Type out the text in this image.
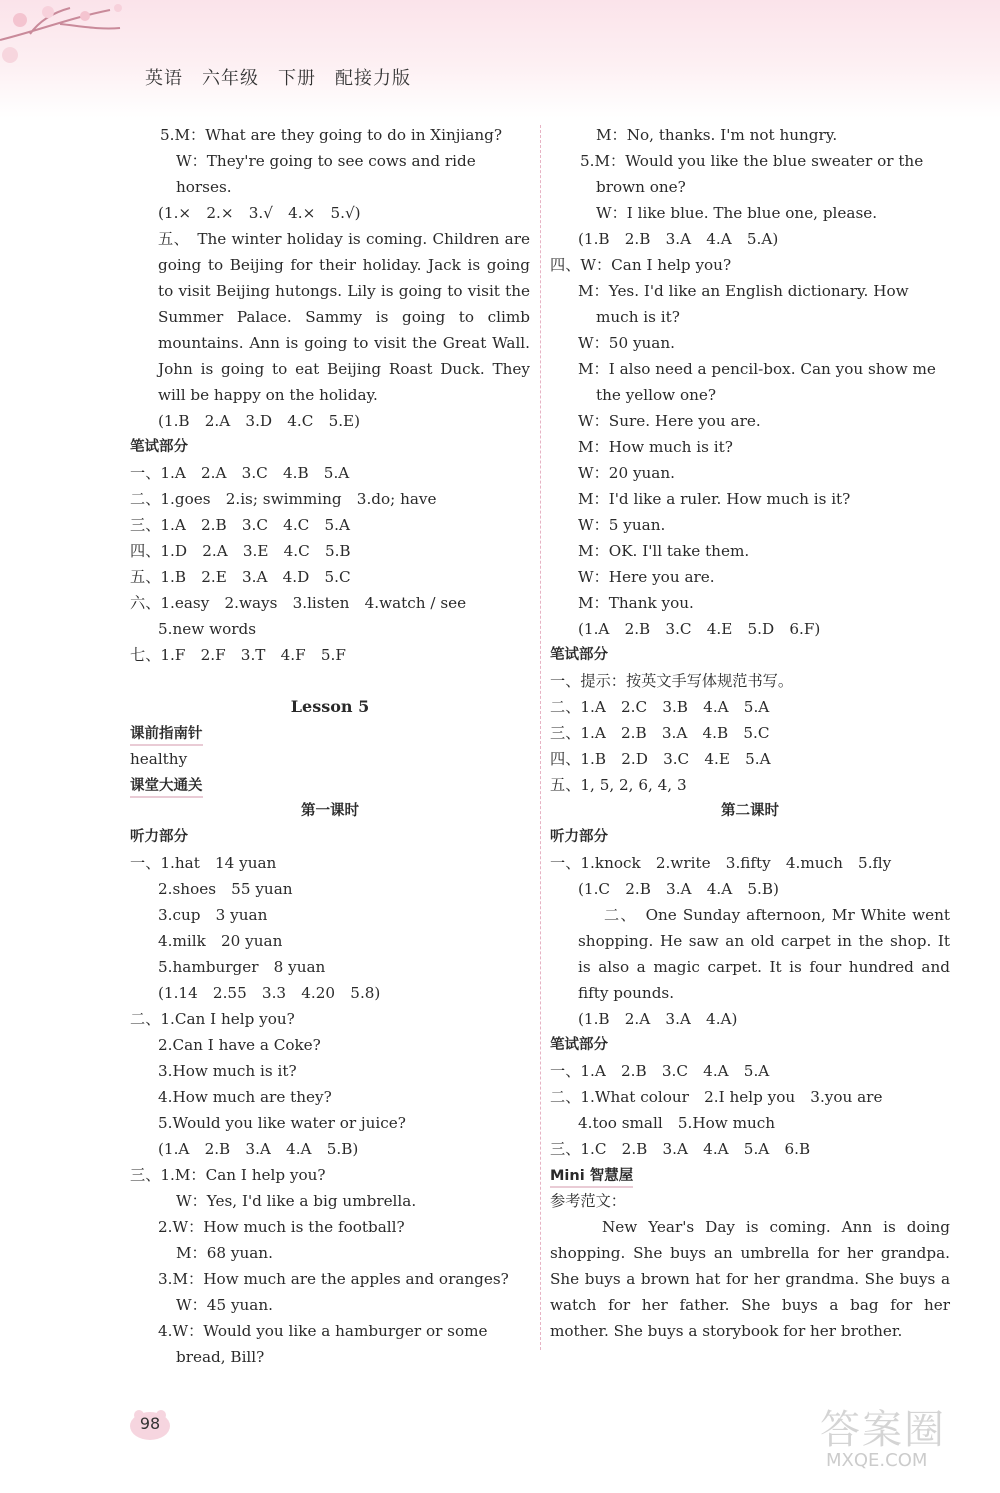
英语　六年级　下册　配接力版
5.M：What are they going to do in Xinjiang?
W：They're going to see cows and ride
horses.
(1.×　2.×　3.√　4.×　5.√)
五、　The winter holiday is coming. Children are going to Beijing for their holiday. Jack is going to visit Beijing hutongs. Lily is going to visit the Summer Palace. Sammy is going to climb mountains. Ann is going to visit the Great Wall. John is going to eat Beijing Roast Duck. They will be happy on the holiday.
(1.B　2.A　3.D　4.C　5.E)
笔试部分
一、1.A　2.A　3.C　4.B　5.A
二、1.goes　2.is; swimming　3.do; have
三、1.A　2.B　3.C　4.C　5.A
四、1.D　2.A　3.E　4.C　5.B
五、1.B　2.E　3.A　4.D　5.C
六、1.easy　2.ways　3.listen　4.watch / see
5.new words
七、1.F　2.F　3.T　4.F　5.F
Lesson 5
课前指南针
healthy
课堂大通关
第一课时
听力部分
一、1.hat　14 yuan
2.shoes　55 yuan
3.cup　3 yuan
4.milk　20 yuan
5.hamburger　8 yuan
(1.14　2.55　3.3　4.20　5.8)
二、1.Can I help you?
2.Can I have a Coke?
3.How much is it?
4.How much are they?
5.Would you like water or juice?
(1.A　2.B　3.A　4.A　5.B)
三、1.M：Can I help you?
W：Yes, I'd like a big umbrella.
2.W：How much is the football?
M：68 yuan.
3.M：How much are the apples and oranges?
W：45 yuan.
4.W：Would you like a hamburger or some
bread, Bill?
M：No, thanks. I'm not hungry.
5.M：Would you like the blue sweater or the
brown one?
W：I like blue. The blue one, please.
(1.B　2.B　3.A　4.A　5.A)
四、W：Can I help you?
M：Yes. I'd like an English dictionary. How
much is it?
W：50 yuan.
M：I also need a pencil-box. Can you show me
the yellow one?
W：Sure. Here you are.
M：How much is it?
W：20 yuan.
M：I'd like a ruler. How much is it?
W：5 yuan.
M：OK. I'll take them.
W：Here you are.
M：Thank you.
(1.A　2.B　3.C　4.E　5.D　6.F)
笔试部分
一、提示：按英文手写体规范书写。
二、1.A　2.C　3.B　4.A　5.A
三、1.A　2.B　3.A　4.B　5.C
四、1.B　2.D　3.C　4.E　5.A
五、1, 5, 2, 6, 4, 3
第二课时
听力部分
一、1.knock　2.write　3.fifty　4.much　5.fly
(1.C　2.B　3.A　4.A　5.B)
二、　One Sunday afternoon, Mr White went shopping. He saw an old carpet in the shop. It is also a magic carpet. It is four hundred and fifty pounds.
(1.B　2.A　3.A　4.A)
笔试部分
一、1.A　2.B　3.C　4.A　5.A
二、1.What colour　2.I help you　3.you are
4.too small　5.How much
三、1.C　2.B　3.A　4.A　5.A　6.B
Mini 智慧屋
参考范文：
New Year's Day is coming. Ann is doing shopping. She buys an umbrella for her grandpa. She buys a brown hat for her grandma. She buys a watch for her father. She buys a bag for her mother. She buys a storybook for her brother.
98	答案圈
MXQE.COM
